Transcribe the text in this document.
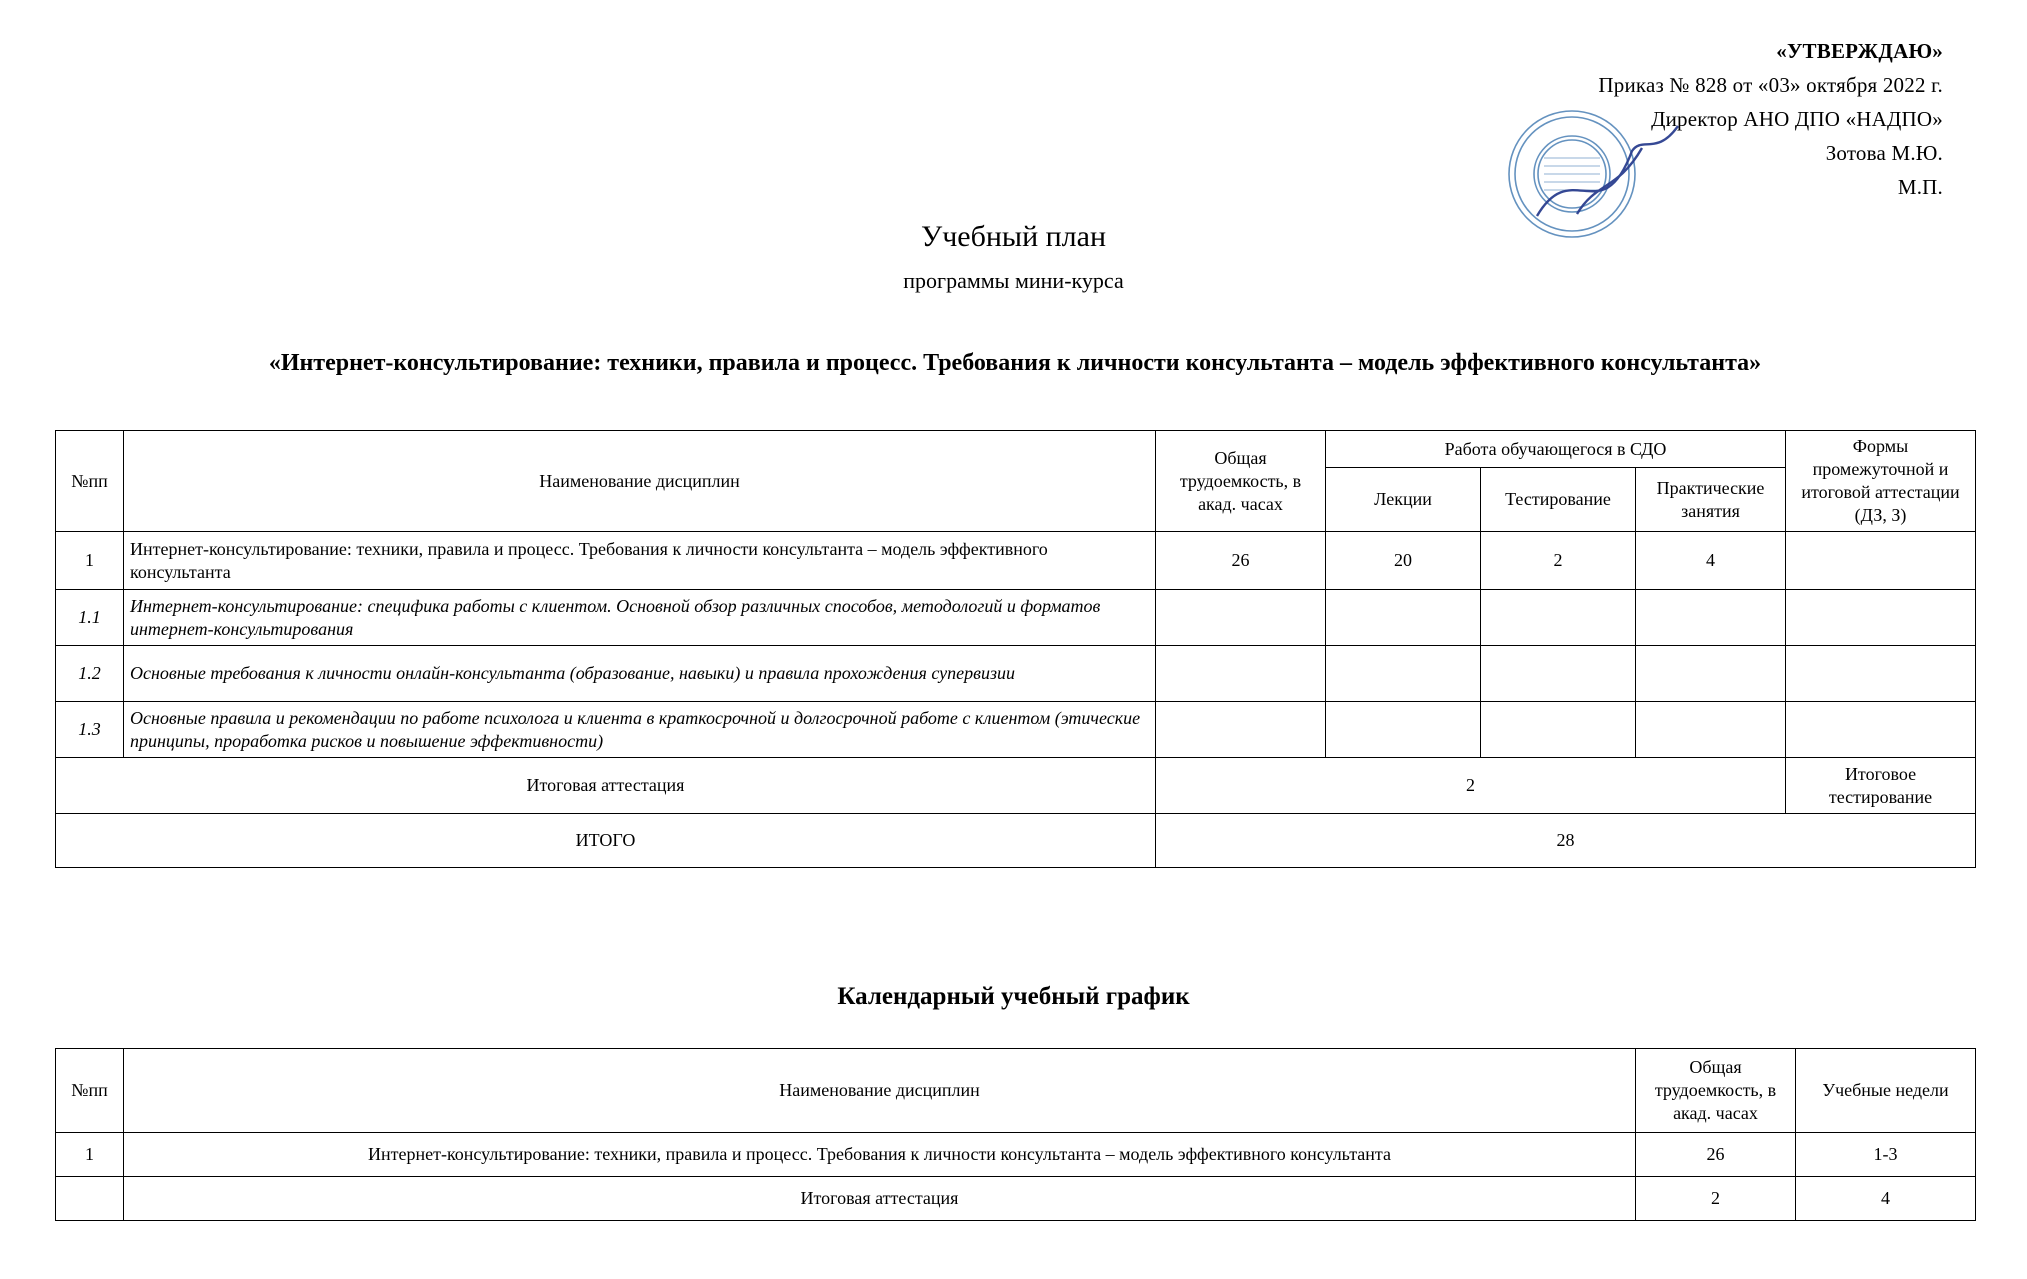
«УТВЕРЖДАЮ»
Приказ № 828 от «03» октября 2022 г.
Директор АНО ДПО «НАДПО»
Зотова М.Ю.
М.П.
Учебный план
программы мини-курса
«Интернет-консультирование: техники, правила и процесс. Требования к личности консультанта – модель эффективного консультанта»
№пп	Наименование дисциплин	Общая трудоемкость, в акад. часах	Работа обучающегося в СДО			Формы промежуточной и итоговой аттестации (ДЗ, З)
			Лекции	Тестирование	Практические занятия	
1	Интернет-консультирование: техники, правила и процесс. Требования к личности консультанта – модель эффективного консультанта	26	20	2	4	
1.1	Интернет-консультирование: специфика работы с клиентом. Основной обзор различных способов, методологий и форматов интернет-консультирования					
1.2	Основные требования к личности онлайн-консультанта (образование, навыки) и правила прохождения супервизии					
1.3	Основные правила и рекомендации по работе психолога и клиента в краткосрочной и долгосрочной работе с клиентом (этические принципы, проработка рисков и повышение эффективности)					
Итоговая аттестация		2				Итоговое тестирование
ИТОГО		28				
Календарный учебный график
№пп	Наименование дисциплин	Общая трудоемкость, в акад. часах	Учебные недели
1	Интернет-консультирование: техники, правила и процесс. Требования к личности консультанта – модель эффективного консультанта	26	1-3
	Итоговая аттестация	2	4
